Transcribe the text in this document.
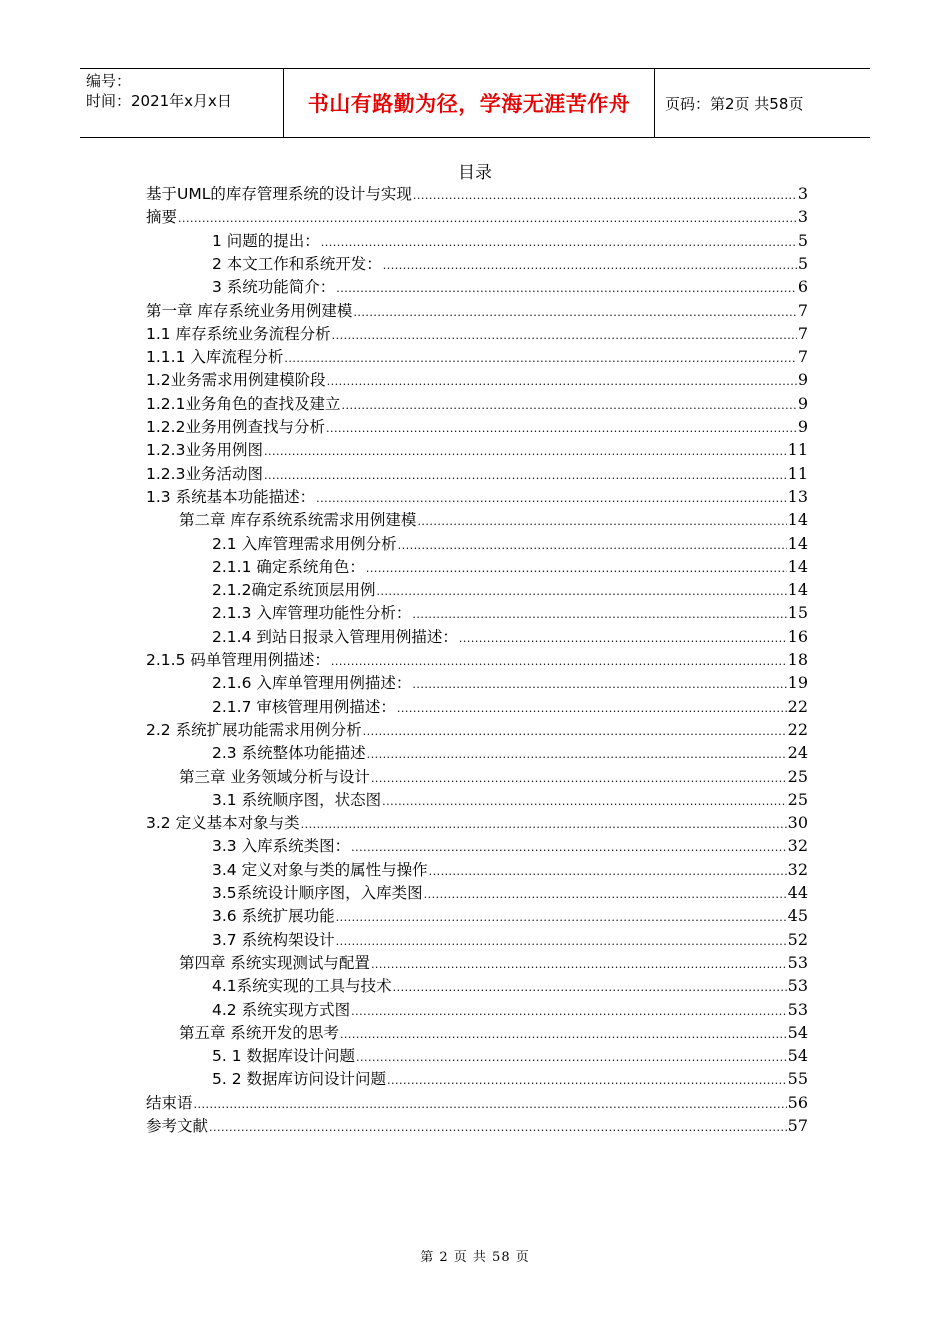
编号：
时间：2021年x月x日	书山有路勤为径，学海无涯苦作舟	页码：第2页 共58页
目录
基于UML的库存管理系统的设计与实现 .....	3
摘要 .....	3
1 问题的提出： .....	5
2 本文工作和系统开发： .....	5
3 系统功能简介： .....	6
第一章 库存系统业务用例建模 .....	7
1.1 库存系统业务流程分析 .....	7
1.1.1 入库流程分析 .....	7
1.2业务需求用例建模阶段 .....	9
1.2.1业务角色的查找及建立 .....	9
1.2.2业务用例查找与分析 .....	9
1.2.3业务用例图 .....	11
1.2.3业务活动图 .....	11
1.3 系统基本功能描述： .....	13
第二章 库存系统系统需求用例建模 .....	14
2.1 入库管理需求用例分析 .....	14
2.1.1 确定系统角色： .....	14
2.1.2确定系统顶层用例 .....	14
2.1.3 入库管理功能性分析： .....	15
2.1.4 到站日报录入管理用例描述： .....	16
2.1.5 码单管理用例描述： .....	18
2.1.6 入库单管理用例描述： .....	19
2.1.7 审核管理用例描述： .....	22
2.2 系统扩展功能需求用例分析 .....	22
2.3 系统整体功能描述 .....	24
第三章 业务领域分析与设计 .....	25
3.1 系统顺序图，状态图 .....	25
3.2 定义基本对象与类 .....	30
3.3 入库系统类图： .....	32
3.4 定义对象与类的属性与操作 .....	32
3.5系统设计顺序图，入库类图 .....	44
3.6 系统扩展功能 .....	45
3.7 系统构架设计 .....	52
第四章 系统实现测试与配置 .....	53
4.1系统实现的工具与技术 .....	53
4.2 系统实现方式图 .....	53
第五章 系统开发的思考 .....	54
5. 1 数据库设计问题 .....	54
5. 2 数据库访问设计问题 .....	55
结束语 .....	56
参考文献 .....	57
第 2 页 共 58 页
